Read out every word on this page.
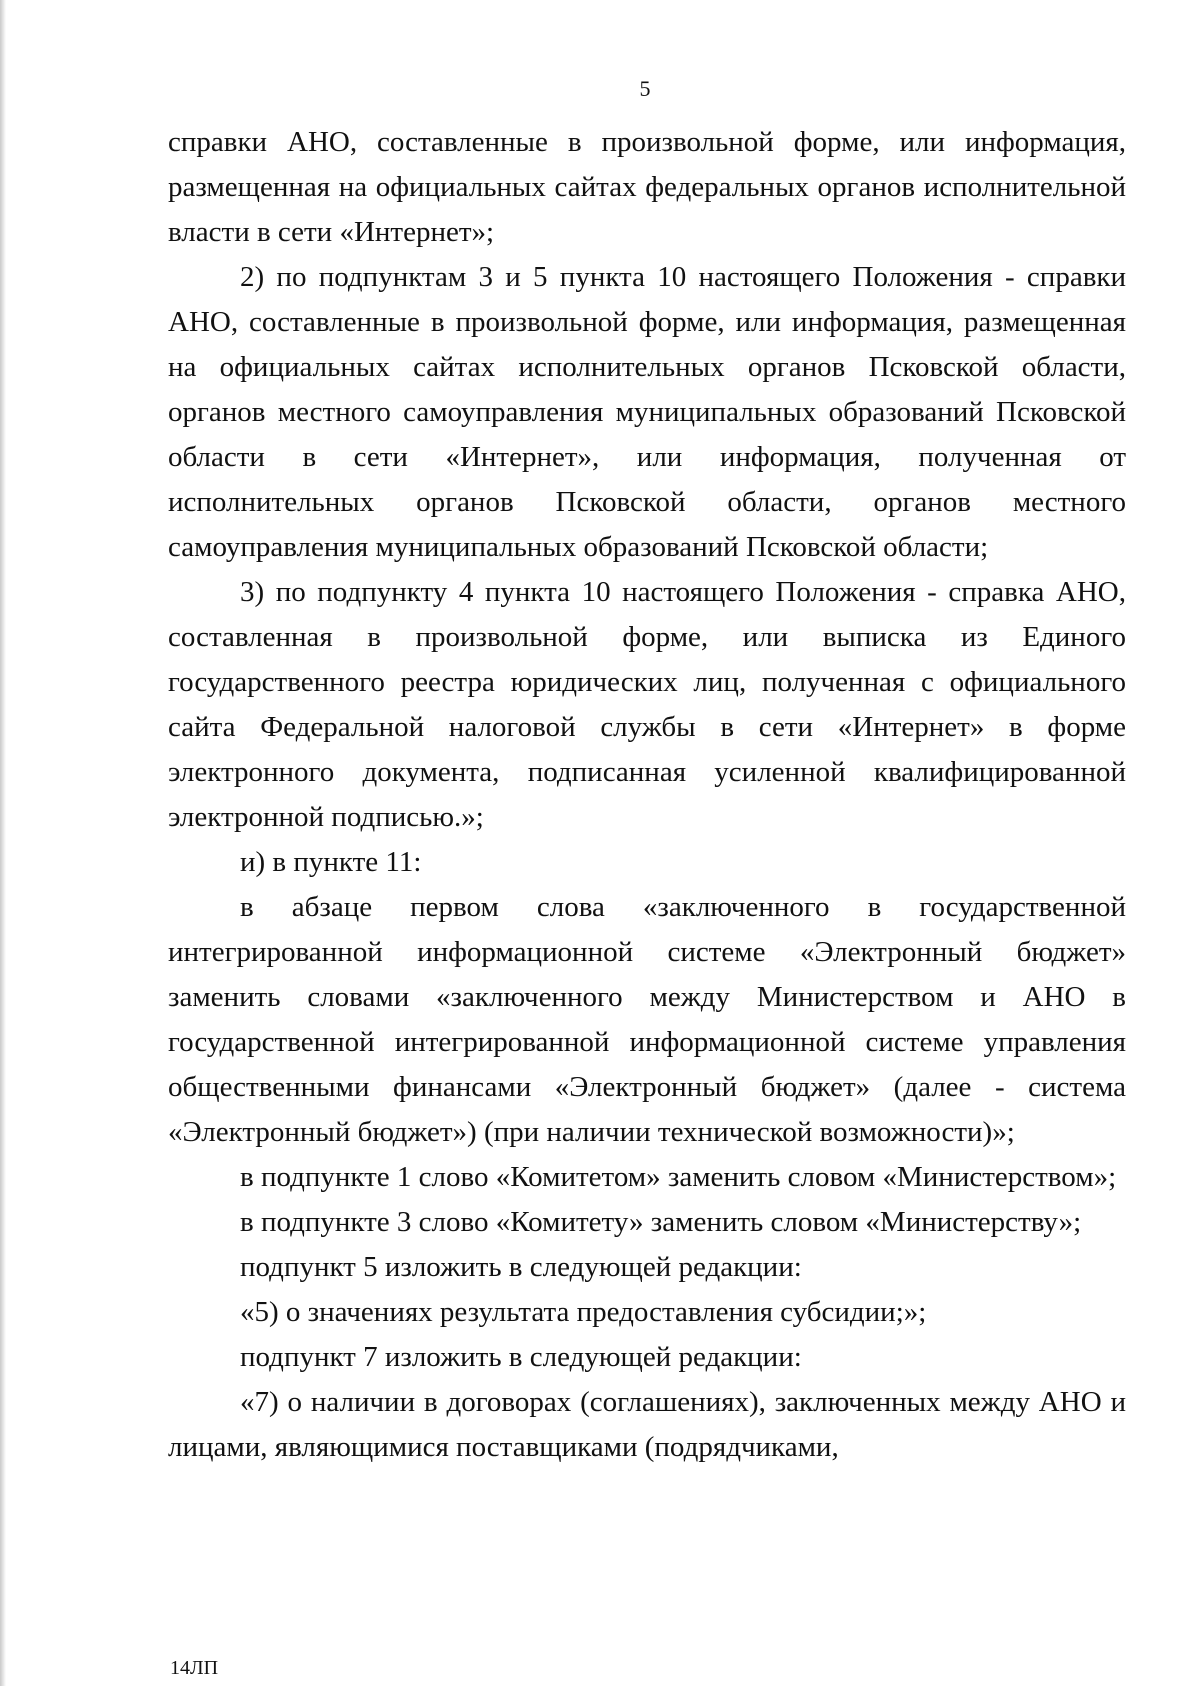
5

справки АНО, составленные в произвольной форме, или информация, размещенная на официальных сайтах федеральных органов исполнительной власти в сети «Интернет»;

2) по подпунктам 3 и 5 пункта 10 настоящего Положения - справки АНО, составленные в произвольной форме, или информация, размещенная на официальных сайтах исполнительных органов Псковской области, органов местного самоуправления муниципальных образований Псковской области в сети «Интернет», или информация, полученная от исполнительных органов Псковской области, органов местного самоуправления муниципальных образований Псковской области;

3) по подпункту 4 пункта 10 настоящего Положения - справка АНО, составленная в произвольной форме, или выписка из Единого государственного реестра юридических лиц, полученная с официального сайта Федеральной налоговой службы в сети «Интернет» в форме электронного документа, подписанная усиленной квалифицированной электронной подписью.»;

и) в пункте 11:

в абзаце первом слова «заключенного в государственной интегрированной информационной системе «Электронный бюджет» заменить словами «заключенного между Министерством и АНО в государственной интегрированной информационной системе управления общественными финансами «Электронный бюджет» (далее - система «Электронный бюджет») (при наличии технической возможности)»;

в подпункте 1 слово «Комитетом» заменить словом «Министерством»;

в подпункте 3 слово «Комитету» заменить словом «Министерству»;

подпункт 5 изложить в следующей редакции:

«5) о значениях результата предоставления субсидии;»;

подпункт 7 изложить в следующей редакции:

«7) о наличии в договорах (соглашениях), заключенных между АНО и лицами, являющимися поставщиками (подрядчиками,

14ЛП
